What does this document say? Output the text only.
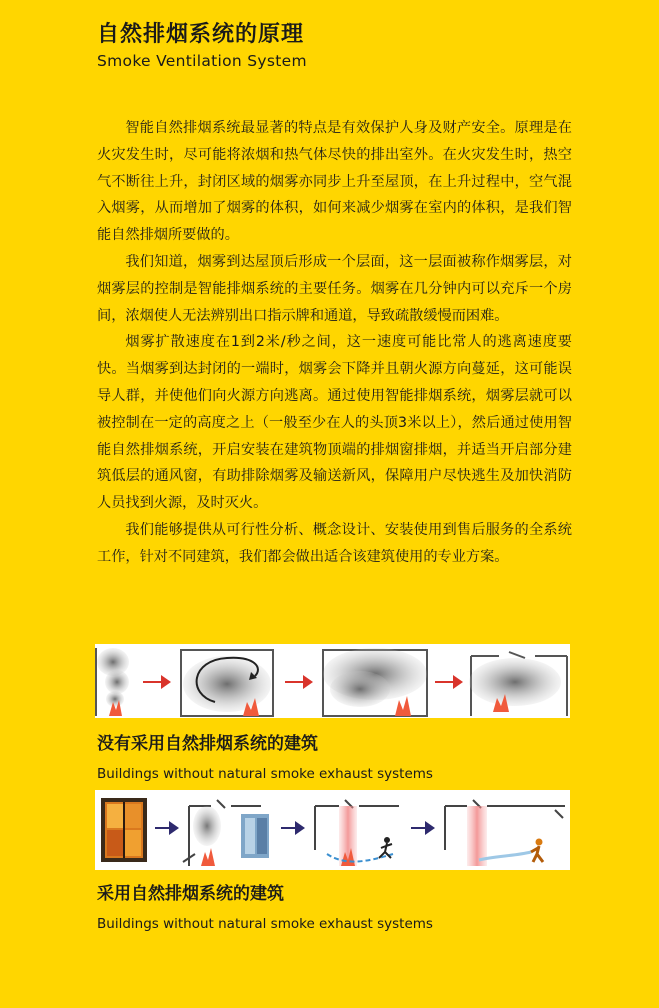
自然排烟系统的原理

Smoke Ventilation System

智能自然排烟系统最显著的特点是有效保护人身及财产安全。原理是在火灾发生时，尽可能将浓烟和热气体尽快的排出室外。在火灾发生时，热空气不断往上升，封闭区域的烟雾亦同步上升至屋顶，在上升过程中，空气混入烟雾，从而增加了烟雾的体积，如何来减少烟雾在室内的体积，是我们智能自然排烟所要做的。

我们知道，烟雾到达屋顶后形成一个层面，这一层面被称作烟雾层，对烟雾层的控制是智能排烟系统的主要任务。烟雾在几分钟内可以充斥一个房间，浓烟使人无法辨别出口指示牌和通道，导致疏散缓慢而困难。

烟雾扩散速度在1到2米/秒之间，这一速度可能比常人的逃离速度要快。当烟雾到达封闭的一端时，烟雾会下降并且朝火源方向蔓延，这可能误导人群，并使他们向火源方向逃离。通过使用智能排烟系统，烟雾层就可以被控制在一定的高度之上（一般至少在人的头顶3米以上），然后通过使用智能自然排烟系统，开启安装在建筑物顶端的排烟窗排烟，并适当开启部分建筑低层的通风窗，有助排除烟雾及输送新风，保障用户尽快逃生及加快消防人员找到火源，及时灭火。

我们能够提供从可行性分析、概念设计、安装使用到售后服务的全系统工作，针对不同建筑，我们都会做出适合该建筑使用的专业方案。

没有采用自然排烟系统的建筑

Buildings without natural smoke exhaust systems

采用自然排烟系统的建筑

Buildings without natural smoke exhaust systems
